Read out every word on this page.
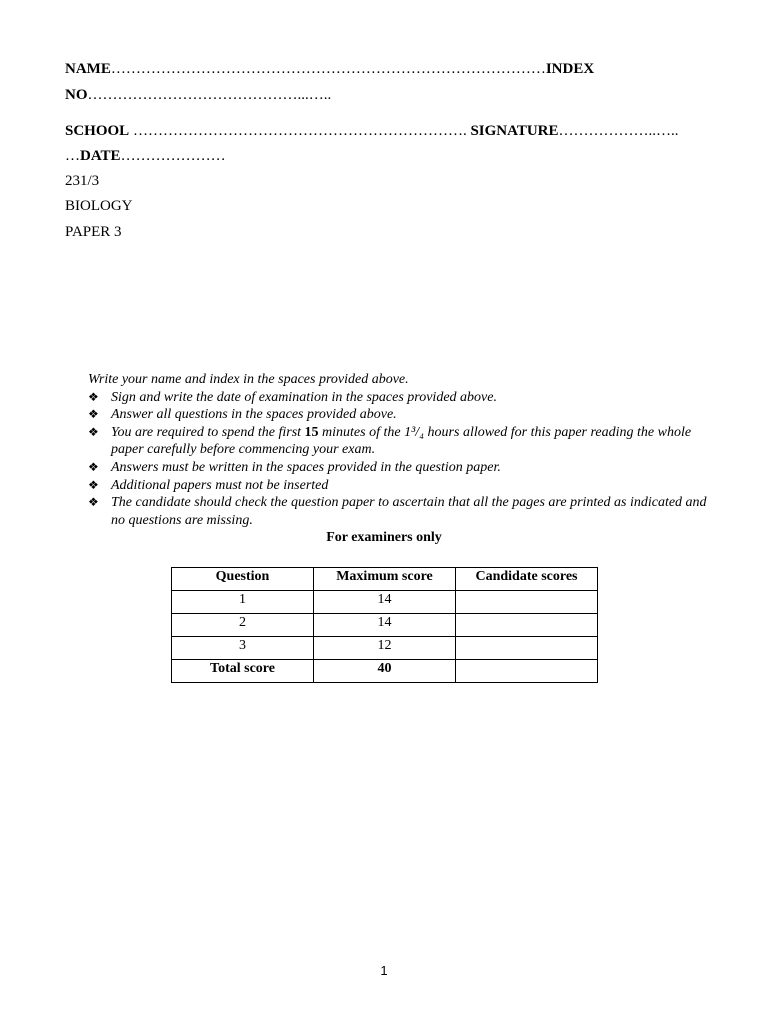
NAME……………………………………………………………………………INDEX
NO……………………………………...…..
SCHOOL …………………………………………………………. SIGNATURE………………..…..
…DATE…………………
231/3
BIOLOGY
PAPER 3
Write your name and index in the spaces provided above.
❖ Sign and write the date of examination in the spaces provided above.
❖ Answer all questions in the spaces provided above.
❖ You are required to spend the first 15 minutes of the 1³/₄ hours allowed for this paper reading the whole paper carefully before commencing your exam.
❖ Answers must be written in the spaces provided in the question paper.
❖ Additional papers must not be inserted
❖ The candidate should check the question paper to ascertain that all the pages are printed as indicated and no questions are missing.
For examiners only
Question	Maximum score	Candidate scores
1	14	
2	14	
3	12	
Total score	40	
1
